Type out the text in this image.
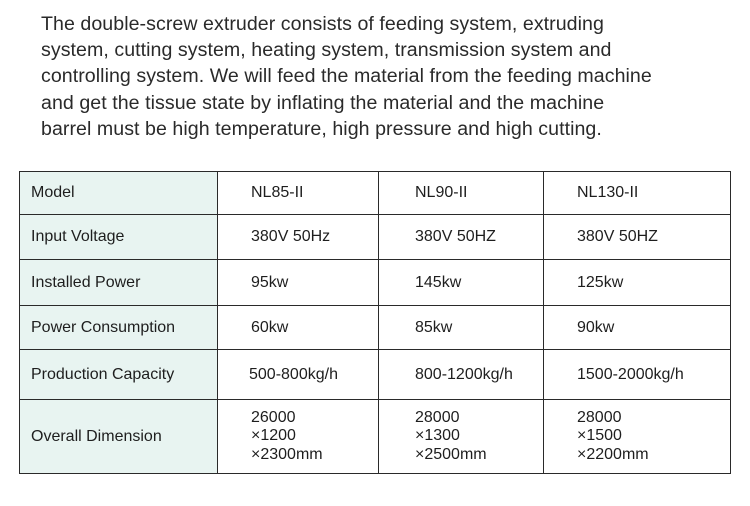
The double-screw extruder consists of feeding system, extruding
system, cutting system, heating system, transmission system and
controlling system. We will feed the material from the feeding machine
and get the tissue state by inflating the material and the machine
barrel must be high temperature, high pressure and high cutting.

Model	NL85-II	NL90-II	NL130-II
Input Voltage	380V 50Hz	380V 50HZ	380V 50HZ
Installed Power	95kw	145kw	125kw
Power Consumption	60kw	85kw	90kw
Production Capacity	500-800kg/h	800-1200kg/h	1500-2000kg/h
Overall Dimension	26000
×1200
×2300mm	28000
×1300
×2500mm	28000
×1500
×2200mm
